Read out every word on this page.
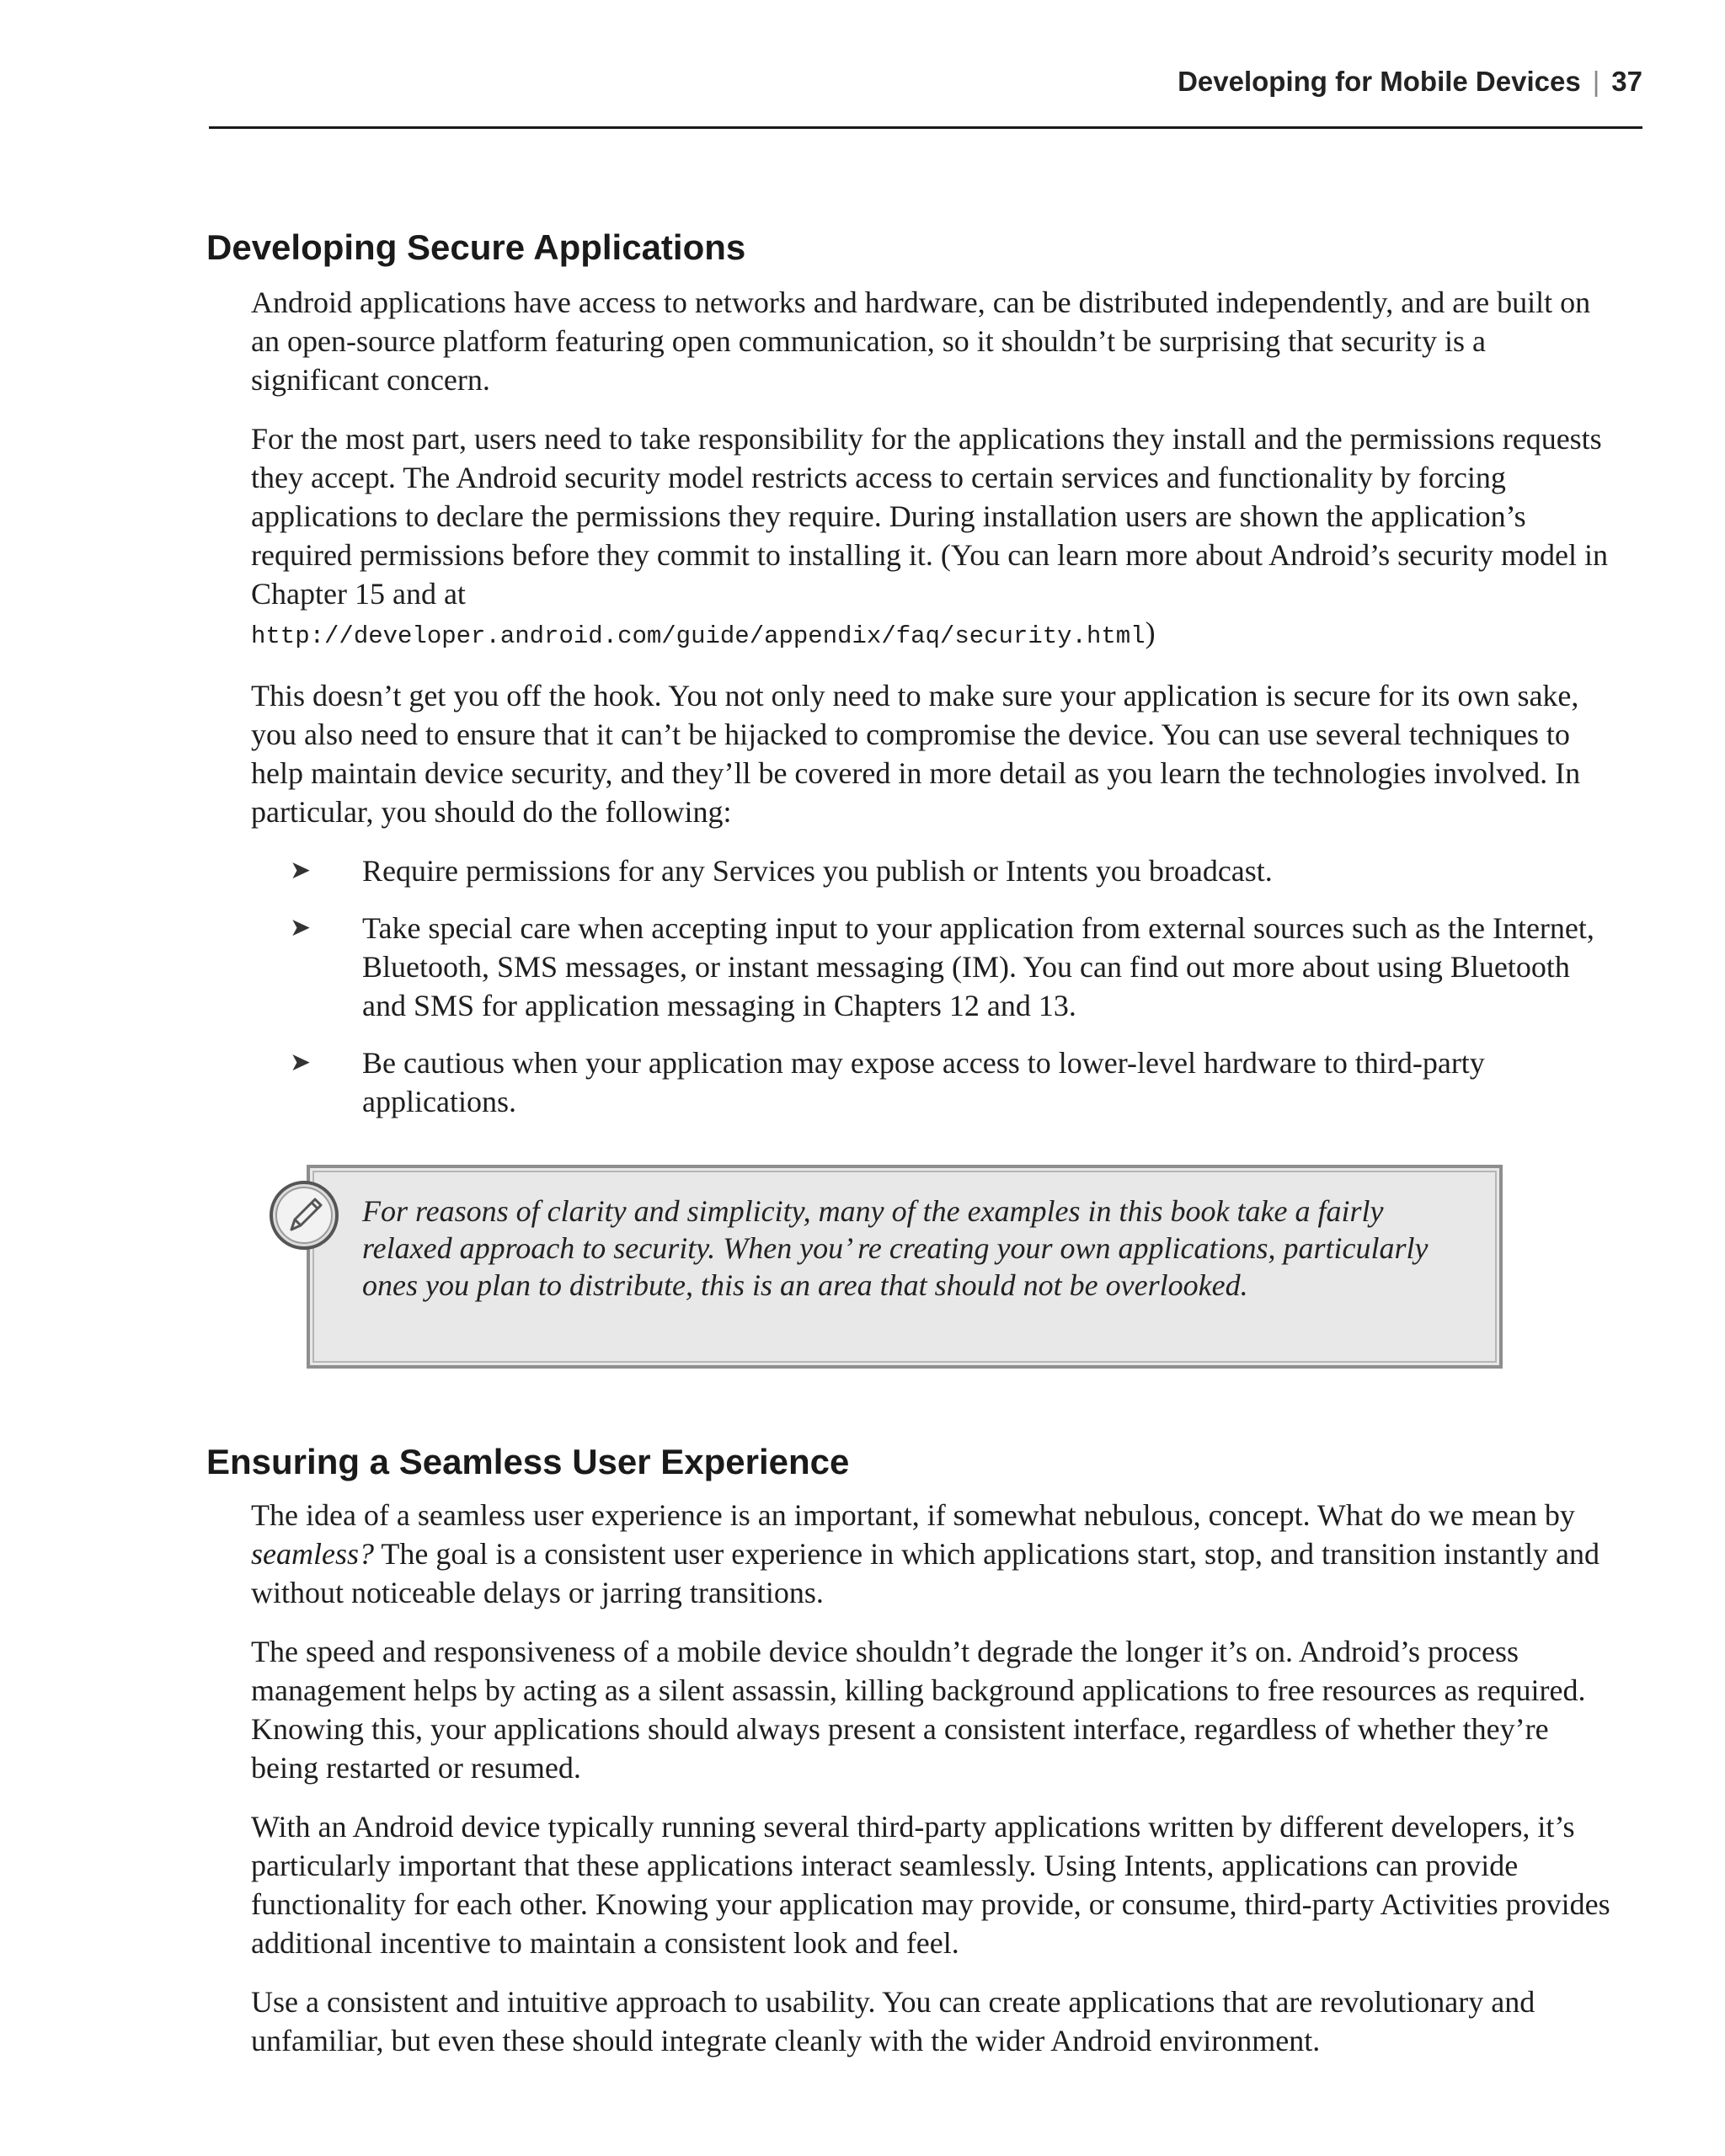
Developing for Mobile Devices | 37
Developing Secure Applications

Android applications have access to networks and hardware, can be distributed independently, and are built on an open-source platform featuring open communication, so it shouldn’t be surprising that security is a significant concern.

For the most part, users need to take responsibility for the applications they install and the permissions requests they accept. The Android security model restricts access to certain services and functionality by forcing applications to declare the permissions they require. During installation users are shown the application’s required permissions before they commit to installing it. (You can learn more about Android’s security model in Chapter 15 and at
http://developer.android.com/guide/appendix/faq/security.html)

This doesn’t get you off the hook. You not only need to make sure your application is secure for its own sake, you also need to ensure that it can’t be hijacked to compromise the device. You can use several techniques to help maintain device security, and they’ll be covered in more detail as you learn the technologies involved. In particular, you should do the following:

➤ Require permissions for any Services you publish or Intents you broadcast.
➤ Take special care when accepting input to your application from external sources such as the Internet, Bluetooth, SMS messages, or instant messaging (IM). You can find out more about using Bluetooth and SMS for application messaging in Chapters 12 and 13.
➤ Be cautious when your application may expose access to lower-level hardware to third-party applications.
For reasons of clarity and simplicity, many of the examples in this book take a fairly relaxed approach to security. When you’ re creating your own applications, particularly ones you plan to distribute, this is an area that should not be overlooked.
Ensuring a Seamless User Experience

The idea of a seamless user experience is an important, if somewhat nebulous, concept. What do we mean by seamless? The goal is a consistent user experience in which applications start, stop, and transition instantly and without noticeable delays or jarring transitions.

The speed and responsiveness of a mobile device shouldn’t degrade the longer it’s on. Android’s process management helps by acting as a silent assassin, killing background applications to free resources as required. Knowing this, your applications should always present a consistent interface, regardless of whether they’re being restarted or resumed.

With an Android device typically running several third-party applications written by different developers, it’s particularly important that these applications interact seamlessly. Using Intents, applications can provide functionality for each other. Knowing your application may provide, or consume, third-party Activities provides additional incentive to maintain a consistent look and feel.

Use a consistent and intuitive approach to usability. You can create applications that are revolutionary and unfamiliar, but even these should integrate cleanly with the wider Android environment.
